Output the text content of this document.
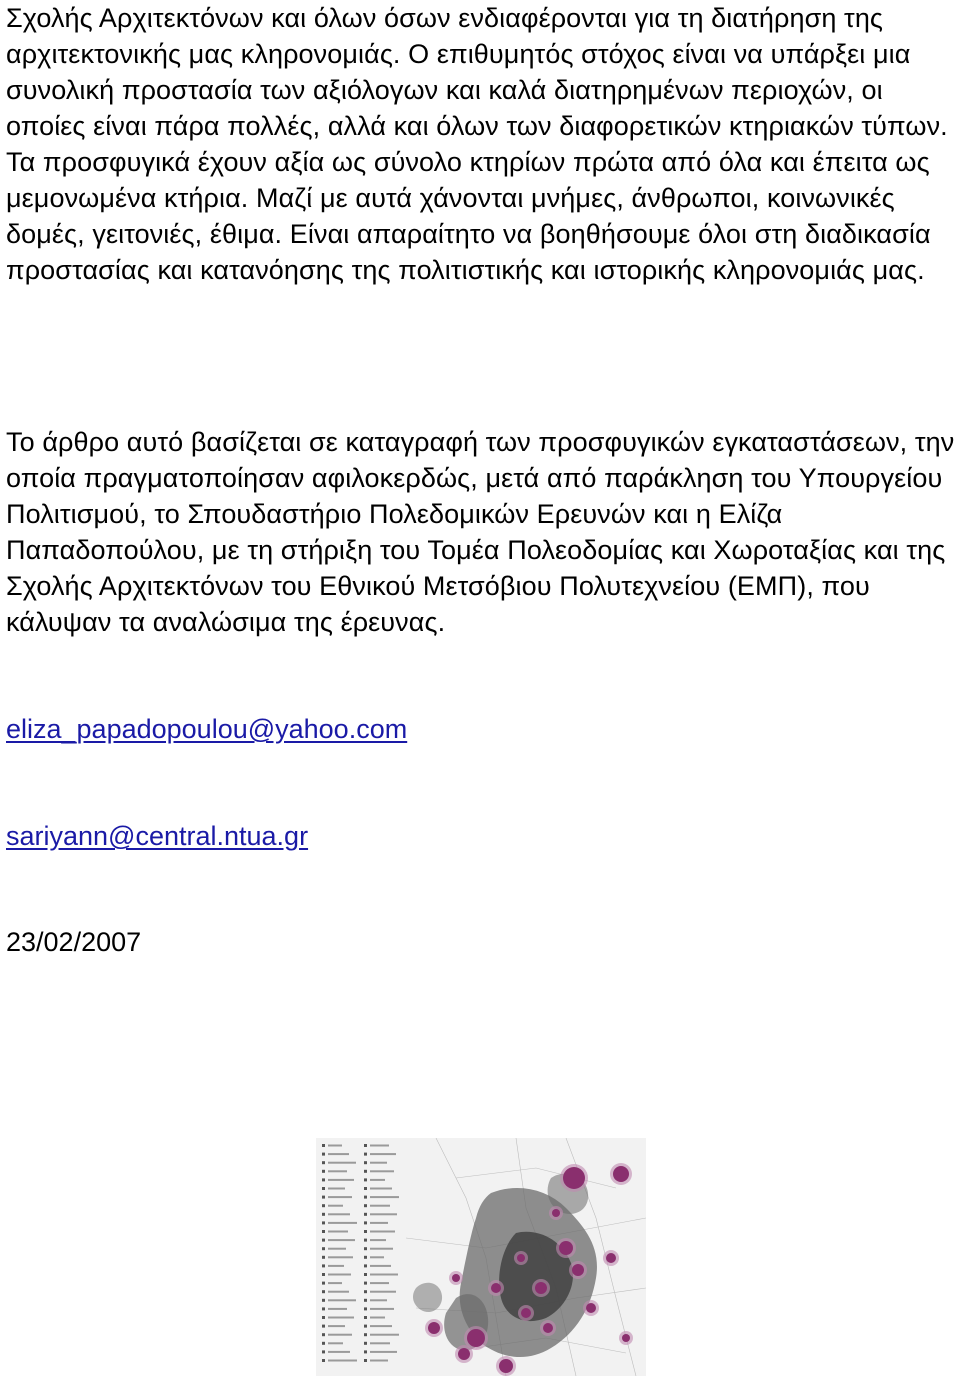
Σχολής Αρχιτεκτόνων και όλων όσων ενδιαφέρονται για τη διατήρηση της αρχιτεκτονικής μας κληρονομιάς. Ο επιθυμητός στόχος είναι να υπάρξει μια συνολική προστασία των αξιόλογων και καλά διατηρημένων περιοχών, οι οποίες είναι πάρα πολλές, αλλά και όλων των διαφορετικών κτηριακών τύπων. Τα προσφυγικά έχουν αξία ως σύνολο κτηρίων πρώτα από όλα και έπειτα ως μεμονωμένα κτήρια. Μαζί με αυτά χάνονται μνήμες, άνθρωποι, κοινωνικές δομές, γειτονιές, έθιμα. Είναι απαραίτητο να βοηθήσουμε όλοι στη διαδικασία προστασίας και κατανόησης της πολιτιστικής και ιστορικής κληρονομιάς μας.

Το άρθρο αυτό βασίζεται σε καταγραφή των προσφυγικών εγκαταστάσεων, την οποία πραγματοποίησαν αφιλοκερδώς, μετά από παράκληση του Υπουργείου Πολιτισμού, το Σπουδαστήριο Πολεδομικών Ερευνών και η Ελίζα Παπαδοπούλου, με τη στήριξη του Τομέα Πολεοδομίας και Χωροταξίας και της Σχολής Αρχιτεκτόνων του Εθνικού Μετσόβιου Πολυτεχνείου (ΕΜΠ), που κάλυψαν τα αναλώσιμα της έρευνας.

eliza_papadopoulou@yahoo.com
sariyann@central.ntua.gr
23/02/2007
